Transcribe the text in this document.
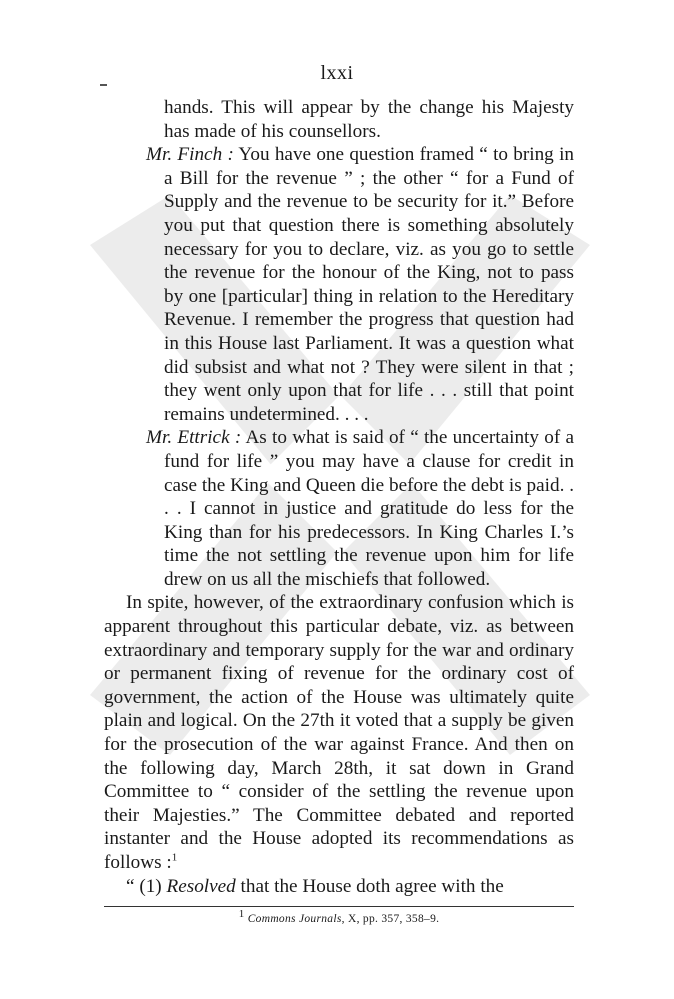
lxxi

hands. This will appear by the change his Majesty has made of his counsellors.

Mr. Finch : You have one question framed “ to bring in a Bill for the revenue ” ; the other “ for a Fund of Supply and the revenue to be security for it.” Before you put that question there is something absolutely necessary for you to declare, viz. as you go to settle the revenue for the honour of the King, not to pass by one [particular] thing in relation to the Hereditary Revenue. I remember the progress that question had in this House last Parliament. It was a question what did subsist and what not ? They were silent in that ; they went only upon that for life . . . still that point remains undetermined. . . .

Mr. Ettrick : As to what is said of “ the uncertainty of a fund for life ” you may have a clause for credit in case the King and Queen die before the debt is paid. . . . I cannot in justice and gratitude do less for the King than for his predecessors. In King Charles I.’s time the not settling the revenue upon him for life drew on us all the mischiefs that followed.

In spite, however, of the extraordinary confusion which is apparent throughout this particular debate, viz. as between extraordinary and temporary supply for the war and ordinary or permanent fixing of revenue for the ordinary cost of government, the action of the House was ultimately quite plain and logical. On the 27th it voted that a supply be given for the prosecution of the war against France. And then on the following day, March 28th, it sat down in Grand Committee to “ consider of the settling the revenue upon their Majesties.” The Committee debated and reported instanter and the House adopted its recommendations as follows :$^1$

“ (1) Resolved that the House doth agree with the

$^1$ Commons Journals, X, pp. 357, 358–9.
